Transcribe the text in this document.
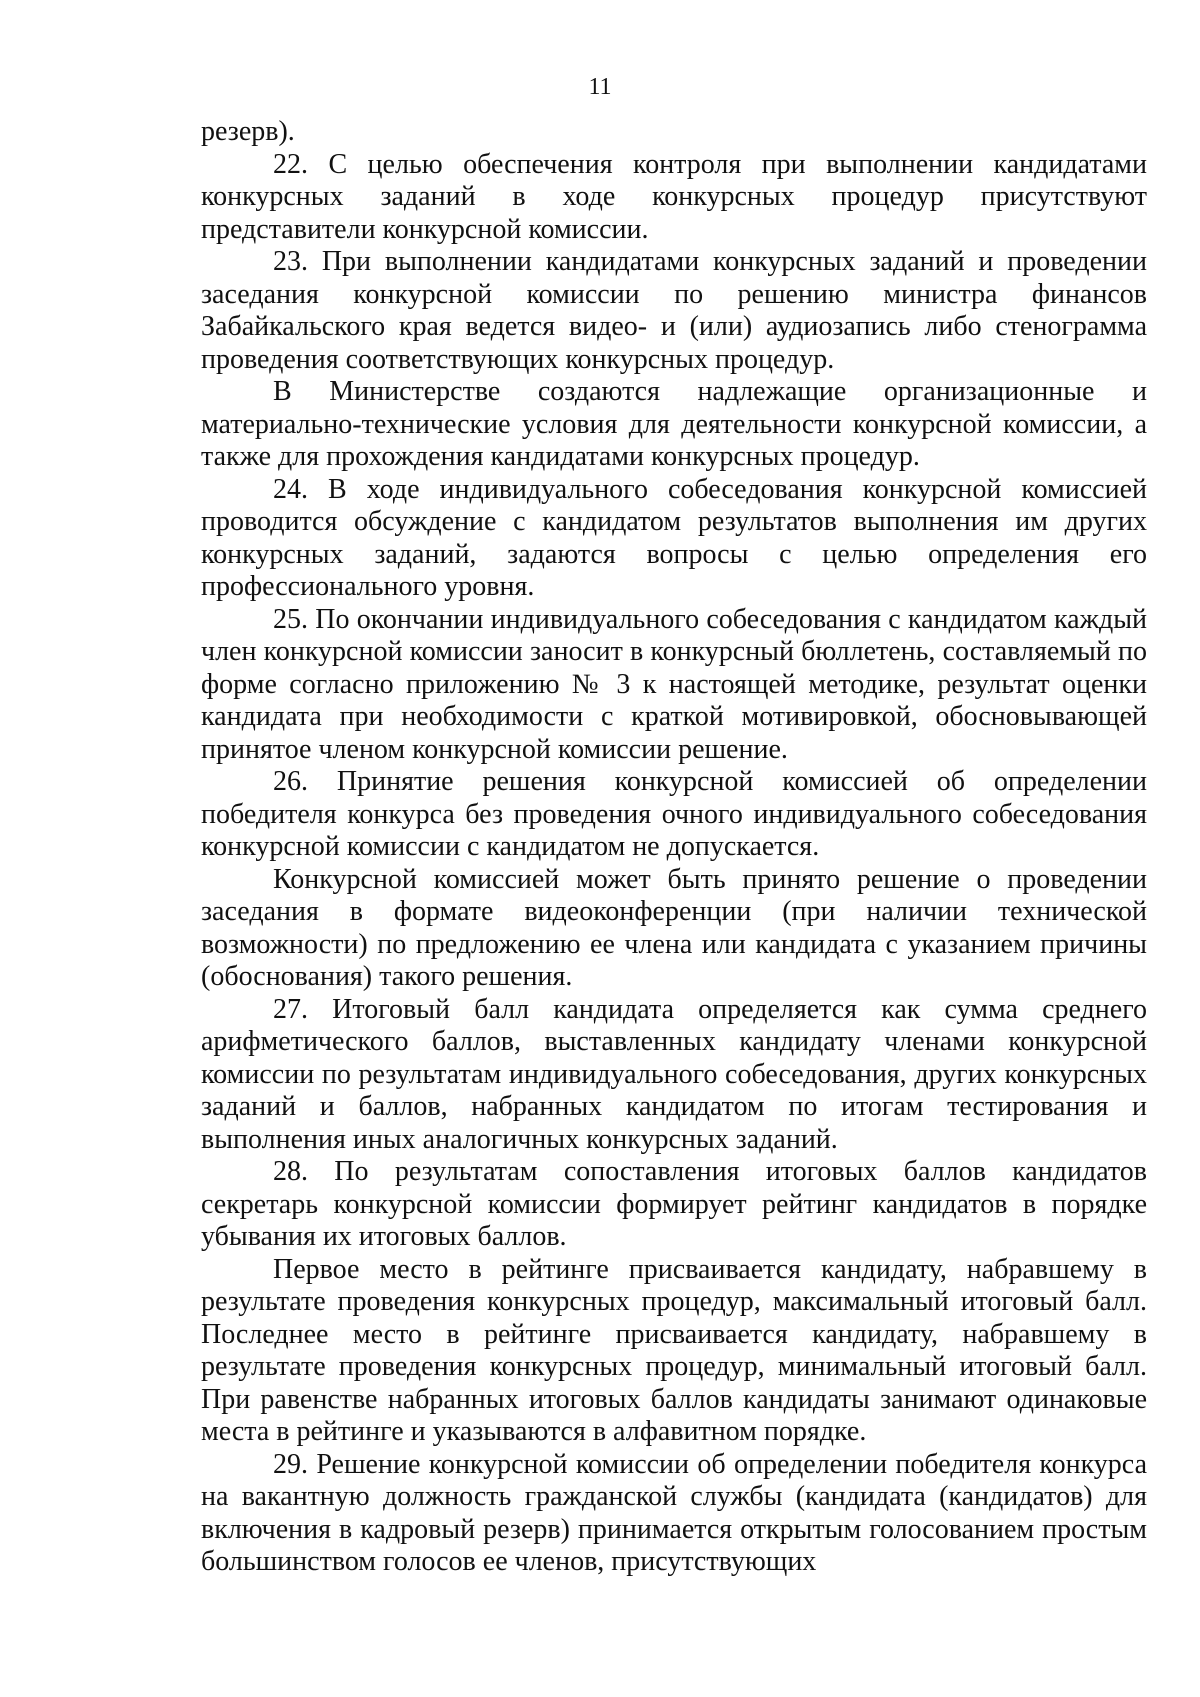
11

резерв).

22. С целью обеспечения контроля при выполнении кандидатами конкурсных заданий в ходе конкурсных процедур присутствуют представители конкурсной комиссии.

23. При выполнении кандидатами конкурсных заданий и проведении заседания конкурсной комиссии по решению министра финансов Забайкальского края ведется видео- и (или) аудиозапись либо стенограмма проведения соответствующих конкурсных процедур.

В Министерстве создаются надлежащие организационные и материально-технические условия для деятельности конкурсной комиссии, а также для прохождения кандидатами конкурсных процедур.

24. В ходе индивидуального собеседования конкурсной комиссией проводится обсуждение с кандидатом результатов выполнения им других конкурсных заданий, задаются вопросы с целью определения его профессионального уровня.

25. По окончании индивидуального собеседования с кандидатом каждый член конкурсной комиссии заносит в конкурсный бюллетень, составляемый по форме согласно приложению № 3 к настоящей методике, результат оценки кандидата при необходимости с краткой мотивировкой, обосновывающей принятое членом конкурсной комиссии решение.

26. Принятие решения конкурсной комиссией об определении победителя конкурса без проведения очного индивидуального собеседования конкурсной комиссии с кандидатом не допускается.

Конкурсной комиссией может быть принято решение о проведении заседания в формате видеоконференции (при наличии технической возможности) по предложению ее члена или кандидата с указанием причины (обоснования) такого решения.

27. Итоговый балл кандидата определяется как сумма среднего арифметического баллов, выставленных кандидату членами конкурсной комиссии по результатам индивидуального собеседования, других конкурсных заданий и баллов, набранных кандидатом по итогам тестирования и выполнения иных аналогичных конкурсных заданий.

28. По результатам сопоставления итоговых баллов кандидатов секретарь конкурсной комиссии формирует рейтинг кандидатов в порядке убывания их итоговых баллов.

Первое место в рейтинге присваивается кандидату, набравшему в результате проведения конкурсных процедур, максимальный итоговый балл. Последнее место в рейтинге присваивается кандидату, набравшему в результате проведения конкурсных процедур, минимальный итоговый балл. При равенстве набранных итоговых баллов кандидаты занимают одинаковые места в рейтинге и указываются в алфавитном порядке.

29. Решение конкурсной комиссии об определении победителя конкурса на вакантную должность гражданской службы (кандидата (кандидатов) для включения в кадровый резерв) принимается открытым голосованием простым большинством голосов ее членов, присутствующих
